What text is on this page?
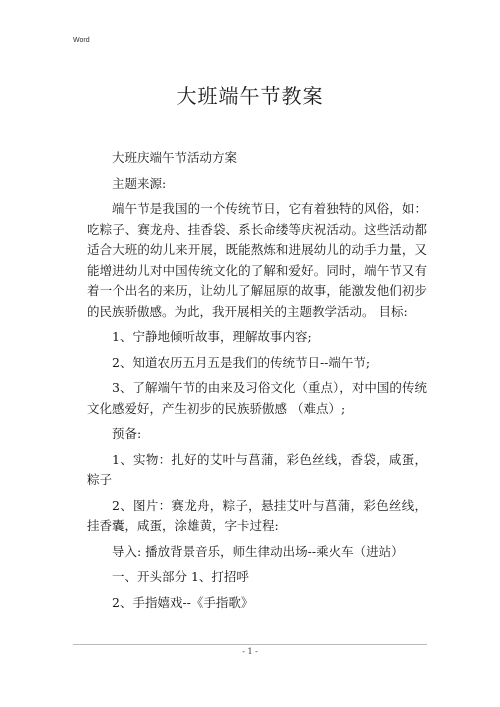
Word
大班端午节教案

大班庆端午节活动方案

主题来源:

端午节是我国的一个传统节日，它有着独特的风俗，如：吃粽子、赛龙舟、挂香袋、系长命缕等庆祝活动。这些活动都适合大班的幼儿来开展，既能熬炼和进展幼儿的动手力量，又能增进幼儿对中国传统文化的了解和爱好。同时，端午节又有着一个出名的来历，让幼儿了解屈原的故事，能激发他们初步的民族骄傲感。为此，我开展相关的主题教学活动。 目标:

1、宁静地倾听故事，理解故事内容;

2、知道农历五月五是我们的传统节日--端午节;

3、了解端午节的由来及习俗文化（重点），对中国的传统文化感爱好，产生初步的民族骄傲感 （难点）;

预备:

1、实物：扎好的艾叶与菖蒲，彩色丝线，香袋，咸蛋，粽子

2、图片：赛龙舟，粽子，悬挂艾叶与菖蒲，彩色丝线，挂香囊，咸蛋，涂雄黄，字卡过程:

导入: 播放背景音乐，师生律动出场--乘火车（进站）

一、开头部分 1、打招呼

2、手指嬉戏--《手指歌》

- 1 -
